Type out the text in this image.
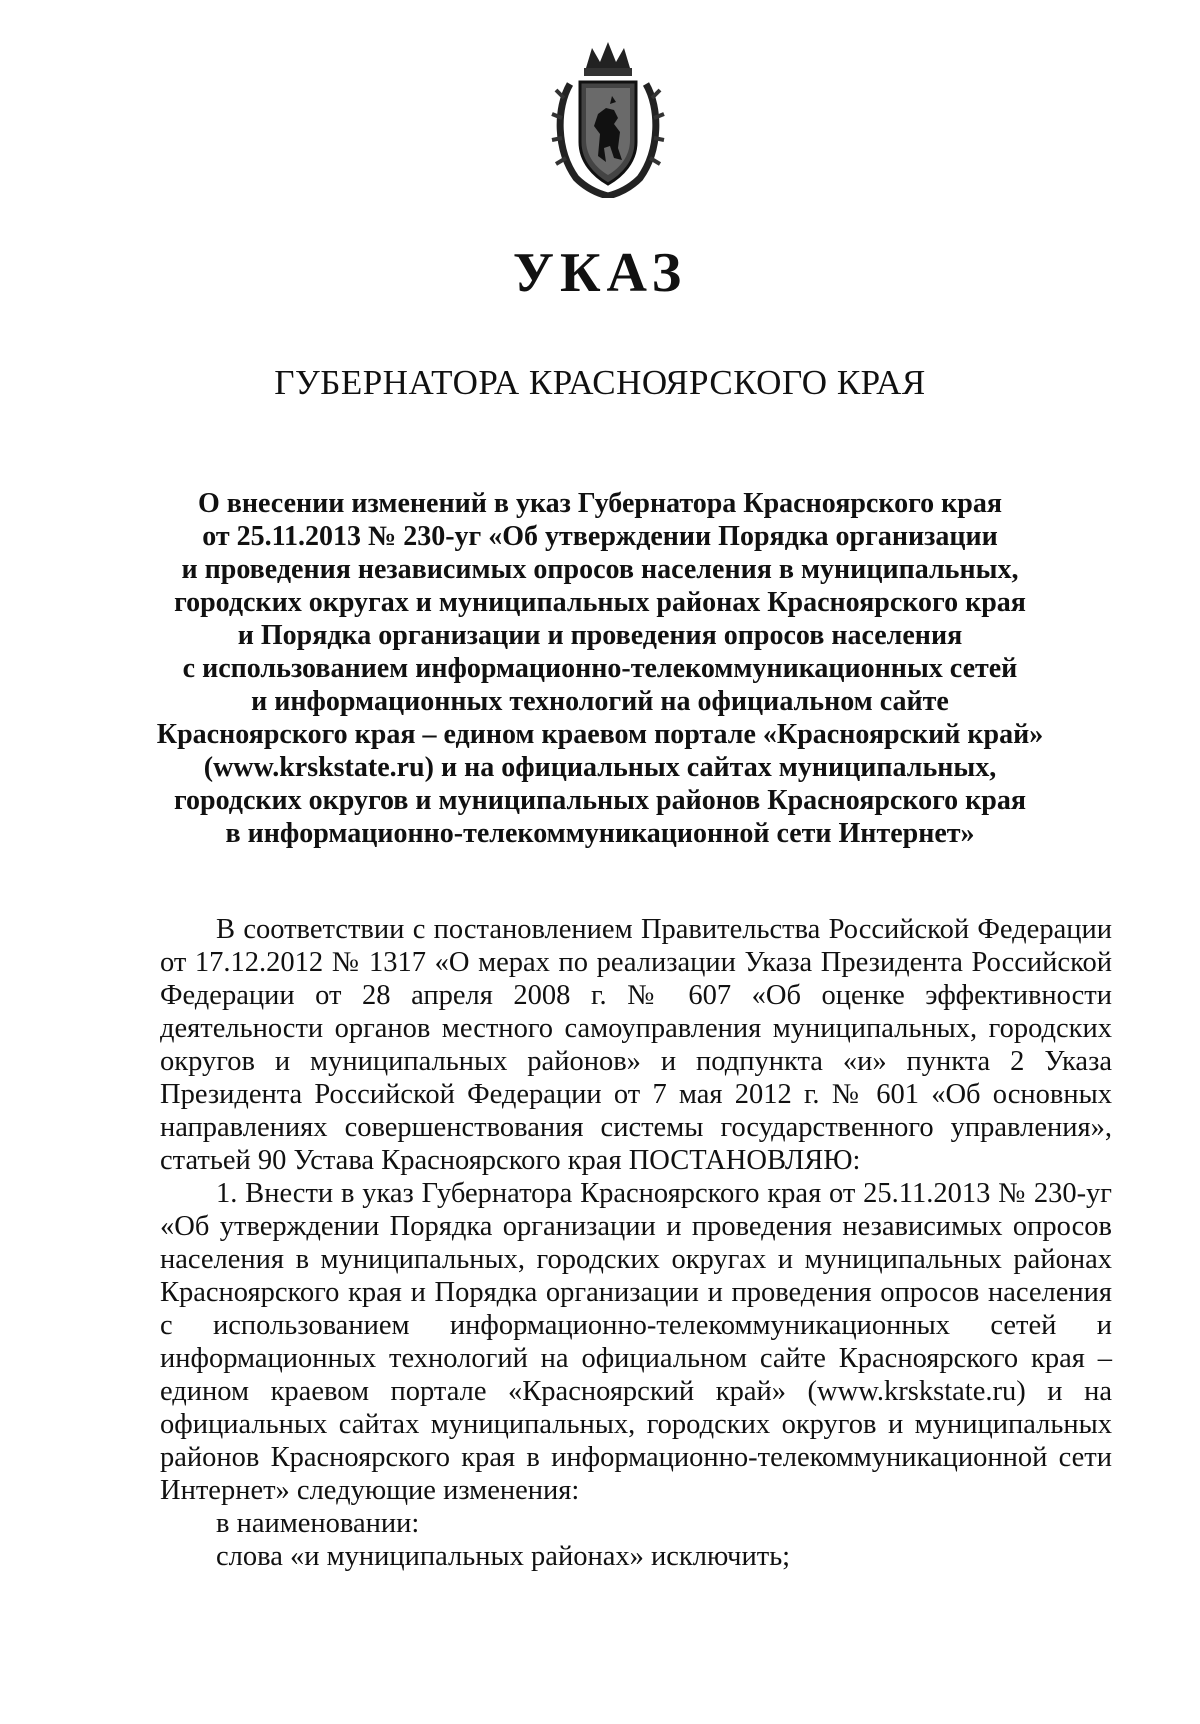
УКАЗ
ГУБЕРНАТОРА КРАСНОЯРСКОГО КРАЯ
О внесении изменений в указ Губернатора Красноярского края
от 25.11.2013 № 230-уг «Об утверждении Порядка организации
и проведения независимых опросов населения в муниципальных,
городских округах и муниципальных районах Красноярского края
и Порядка организации и проведения опросов населения
с использованием информационно-телекоммуникационных сетей
и информационных технологий на официальном сайте
Красноярского края – едином краевом портале «Красноярский край»
(www.krskstate.ru) и на официальных сайтах муниципальных,
городских округов и муниципальных районов Красноярского края
в информационно-телекоммуникационной сети Интернет»

В соответствии с постановлением Правительства Российской Федерации от 17.12.2012 № 1317 «О мерах по реализации Указа Президента Российской Федерации от 28 апреля 2008 г. № 607 «Об оценке эффективности деятельности органов местного самоуправления муниципальных, городских округов и муниципальных районов» и подпункта «и» пункта 2 Указа Президента Российской Федерации от 7 мая 2012 г. № 601 «Об основных направлениях совершенствования системы государственного управления», статьей 90 Устава Красноярского края ПОСТАНОВЛЯЮ:

1. Внести в указ Губернатора Красноярского края от 25.11.2013 № 230-уг «Об утверждении Порядка организации и проведения независимых опросов населения в муниципальных, городских округах и муниципальных районах Красноярского края и Порядка организации и проведения опросов населения с использованием информационно-телекоммуникационных сетей и информационных технологий на официальном сайте Красноярского края – едином краевом портале «Красноярский край» (www.krskstate.ru) и на официальных сайтах муниципальных, городских округов и муниципальных районов Красноярского края в информационно-телекоммуникационной сети Интернет» следующие изменения:

в наименовании:

слова «и муниципальных районах» исключить;
